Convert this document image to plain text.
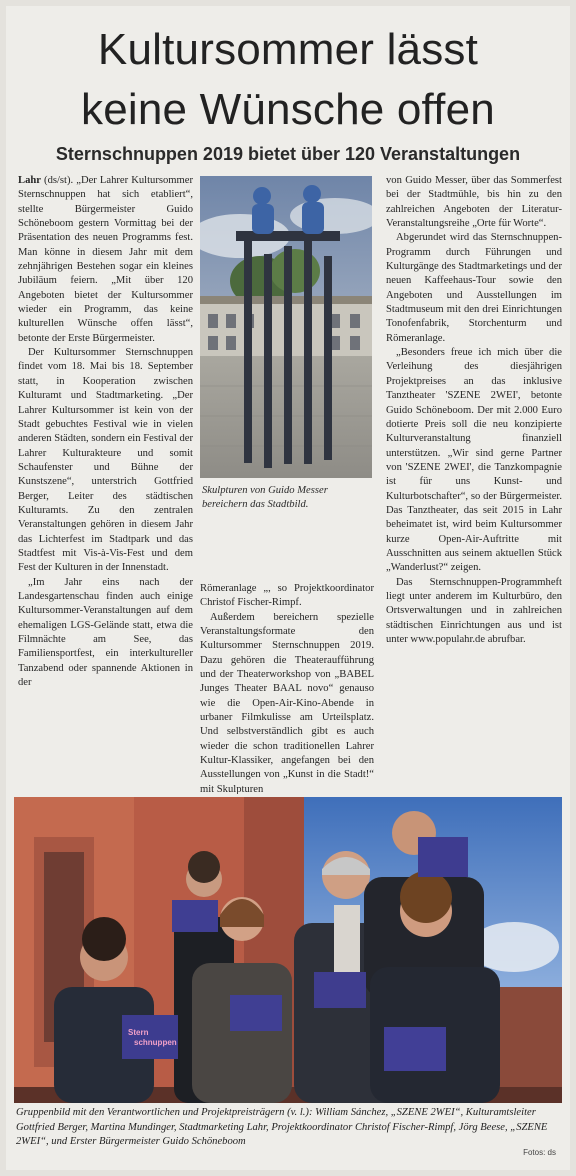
Kultursommer lässt
keine Wünsche offen
Sternschnuppen 2019 bietet über 120 Veranstaltungen

Lahr (ds/st). „Der Lahrer Kultursommer Sternschnuppen hat sich etabliert“, stellte Bürgermeister Guido Schöneboom gestern Vormittag bei der Präsentation des neuen Programms fest. Man könne in diesem Jahr mit dem zehnjährigen Bestehen sogar ein kleines Jubiläum feiern. „Mit über 120 Angeboten bietet der Kultursommer wieder ein Programm, das keine kulturellen Wünsche offen lässt“, betonte der Erste Bürgermeister.

Der Kultursommer Sternschnuppen findet vom 18. Mai bis 18. September statt, in Kooperation zwischen Kulturamt und Stadtmarketing. „Der Lahrer Kultursommer ist kein von der Stadt gebuchtes Festival wie in vielen anderen Städten, sondern ein Festival der Lahrer Kulturakteure und somit Schaufenster und Bühne der Kunstszene“, unterstrich Gottfried Berger, Leiter des städtischen Kulturamts. Zu den zentralen Veranstaltungen gehören in diesem Jahr das Lichterfest im Stadtpark und das Stadtfest mit Vis-à-Vis-Fest und dem Fest der Kulturen in der Innenstadt.

„Im Jahr eins nach der Landesgartenschau finden auch einige Kultursommer-Veranstaltungen auf dem ehemaligen LGS-Gelände statt, etwa die Filmnächte am See, das Familiensportfest, ein interkultureller Tanzabend oder spannende Aktionen in der

Skulpturen von Guido Messer bereichern das Stadtbild.

Römeranlage „, so Projektkoordinator Christof Fischer-Rimpf.

Außerdem bereichern spezielle Veranstaltungsformate den Kultursommer Sternschnuppen 2019. Dazu gehören die Theateraufführung und der Theaterworkshop von „BABEL Junges Theater BAAL novo“ genauso wie die Open-Air-Kino-Abende in urbaner Filmkulisse am Urteilsplatz. Und selbstverständlich gibt es auch wieder die schon traditionellen Lahrer Kultur-Klassiker, angefangen bei den Ausstellungen von „Kunst in die Stadt!“ mit Skulpturen

von Guido Messer, über das Sommerfest bei der Stadtmühle, bis hin zu den zahlreichen Angeboten der Literatur-Veranstaltungsreihe „Orte für Worte“.

Abgerundet wird das Sternschnuppen-Programm durch Führungen und Kulturgänge des Stadtmarketings und der neuen Kaffeehaus-Tour sowie den Angeboten und Ausstellungen im Stadtmuseum mit den drei Einrichtungen Tonofenfabrik, Storchenturm und Römeranlage.

„Besonders freue ich mich über die Verleihung des diesjährigen Projektpreises an das inklusive Tanztheater 'SZENE 2WEI', betonte Guido Schöneboom. Der mit 2.000 Euro dotierte Preis soll die neu konzipierte Kulturveranstaltung finanziell unterstützen. „Wir sind gerne Partner von 'SZENE 2WEI', die Tanzkompagnie ist für uns Kunst- und Kulturbotschafter“, so der Bürgermeister. Das Tanztheater, das seit 2015 in Lahr beheimatet ist, wird beim Kultursommer kurze Open-Air-Auftritte mit Ausschnitten aus seinem aktuellen Stück „Wanderlust?“ zeigen.

Das Sternschnuppen-Programmheft liegt unter anderem im Kulturbüro, den Ortsverwaltungen und in zahlreichen städtischen Einrichtungen aus und ist unter www.populahr.de abrufbar.

Stern
schnuppen
Gruppenbild mit den Verantwortlichen und Projektpreisträgern (v. l.): William Sánchez, „SZENE 2WEI“, Kulturamtsleiter Gottfried Berger, Martina Mundinger, Stadtmarketing Lahr, Projektkoordinator Christof Fischer-Rimpf, Jörg Beese, „SZENE 2WEI“, und Erster Bürgermeister Guido Schöneboom
Fotos: ds
